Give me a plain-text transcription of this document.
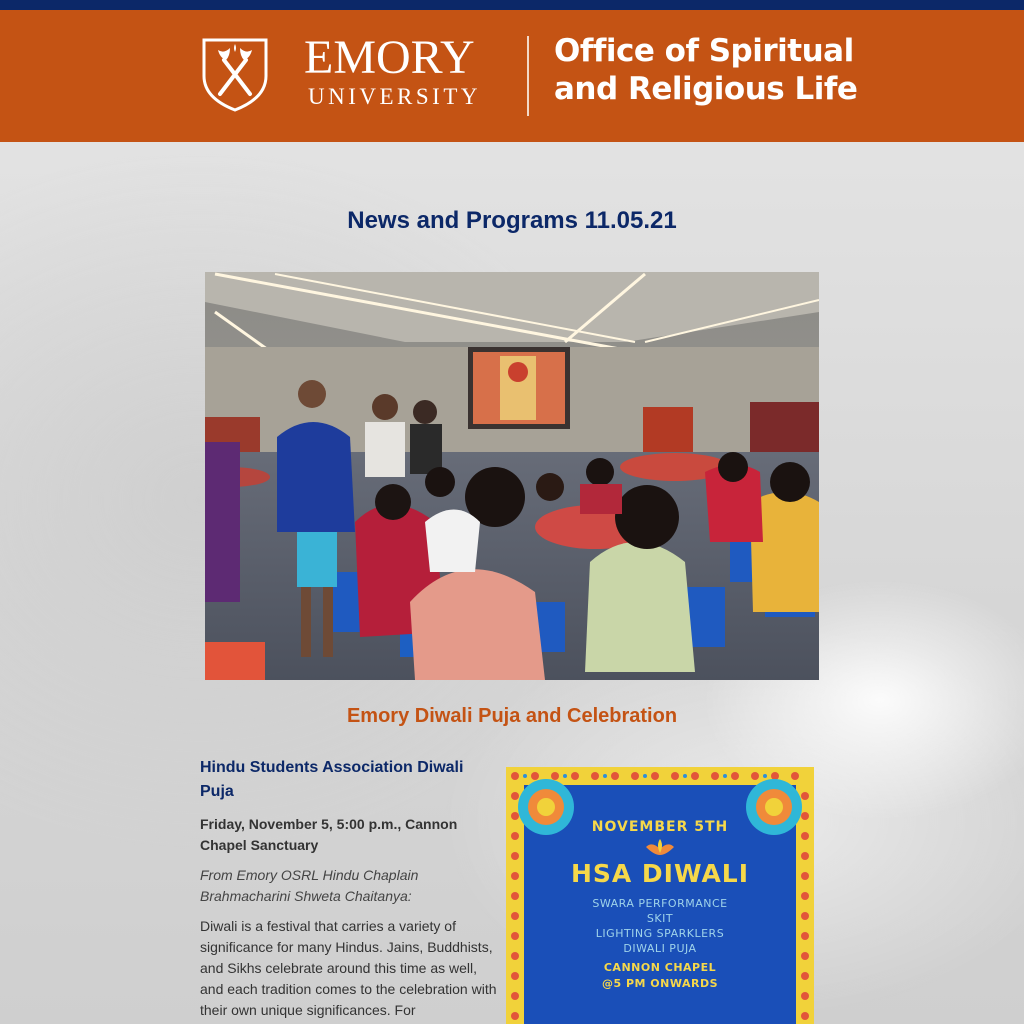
EMORY
UNIVERSITY
Office of Spiritual
and Religious Life
News and Programs 11.05.21
Emory Diwali Puja and Celebration

Hindu Students Association Diwali Puja

Friday, November 5, 5:00 p.m., Cannon Chapel Sanctuary

From Emory OSRL Hindu Chaplain Brahmacharini Shweta Chaitanya:

Diwali is a festival that carries a variety of significance for many Hindus. Jains, Buddhists, and Sikhs celebrate around this time as well, and each tradition comes to the celebration with their own unique significances. For

NOVEMBER 5TH
HSA DIWALI
SWARA PERFORMANCE
SKIT
LIGHTING SPARKLERS
DIWALI PUJA
CANNON CHAPEL
@5 PM ONWARDS
